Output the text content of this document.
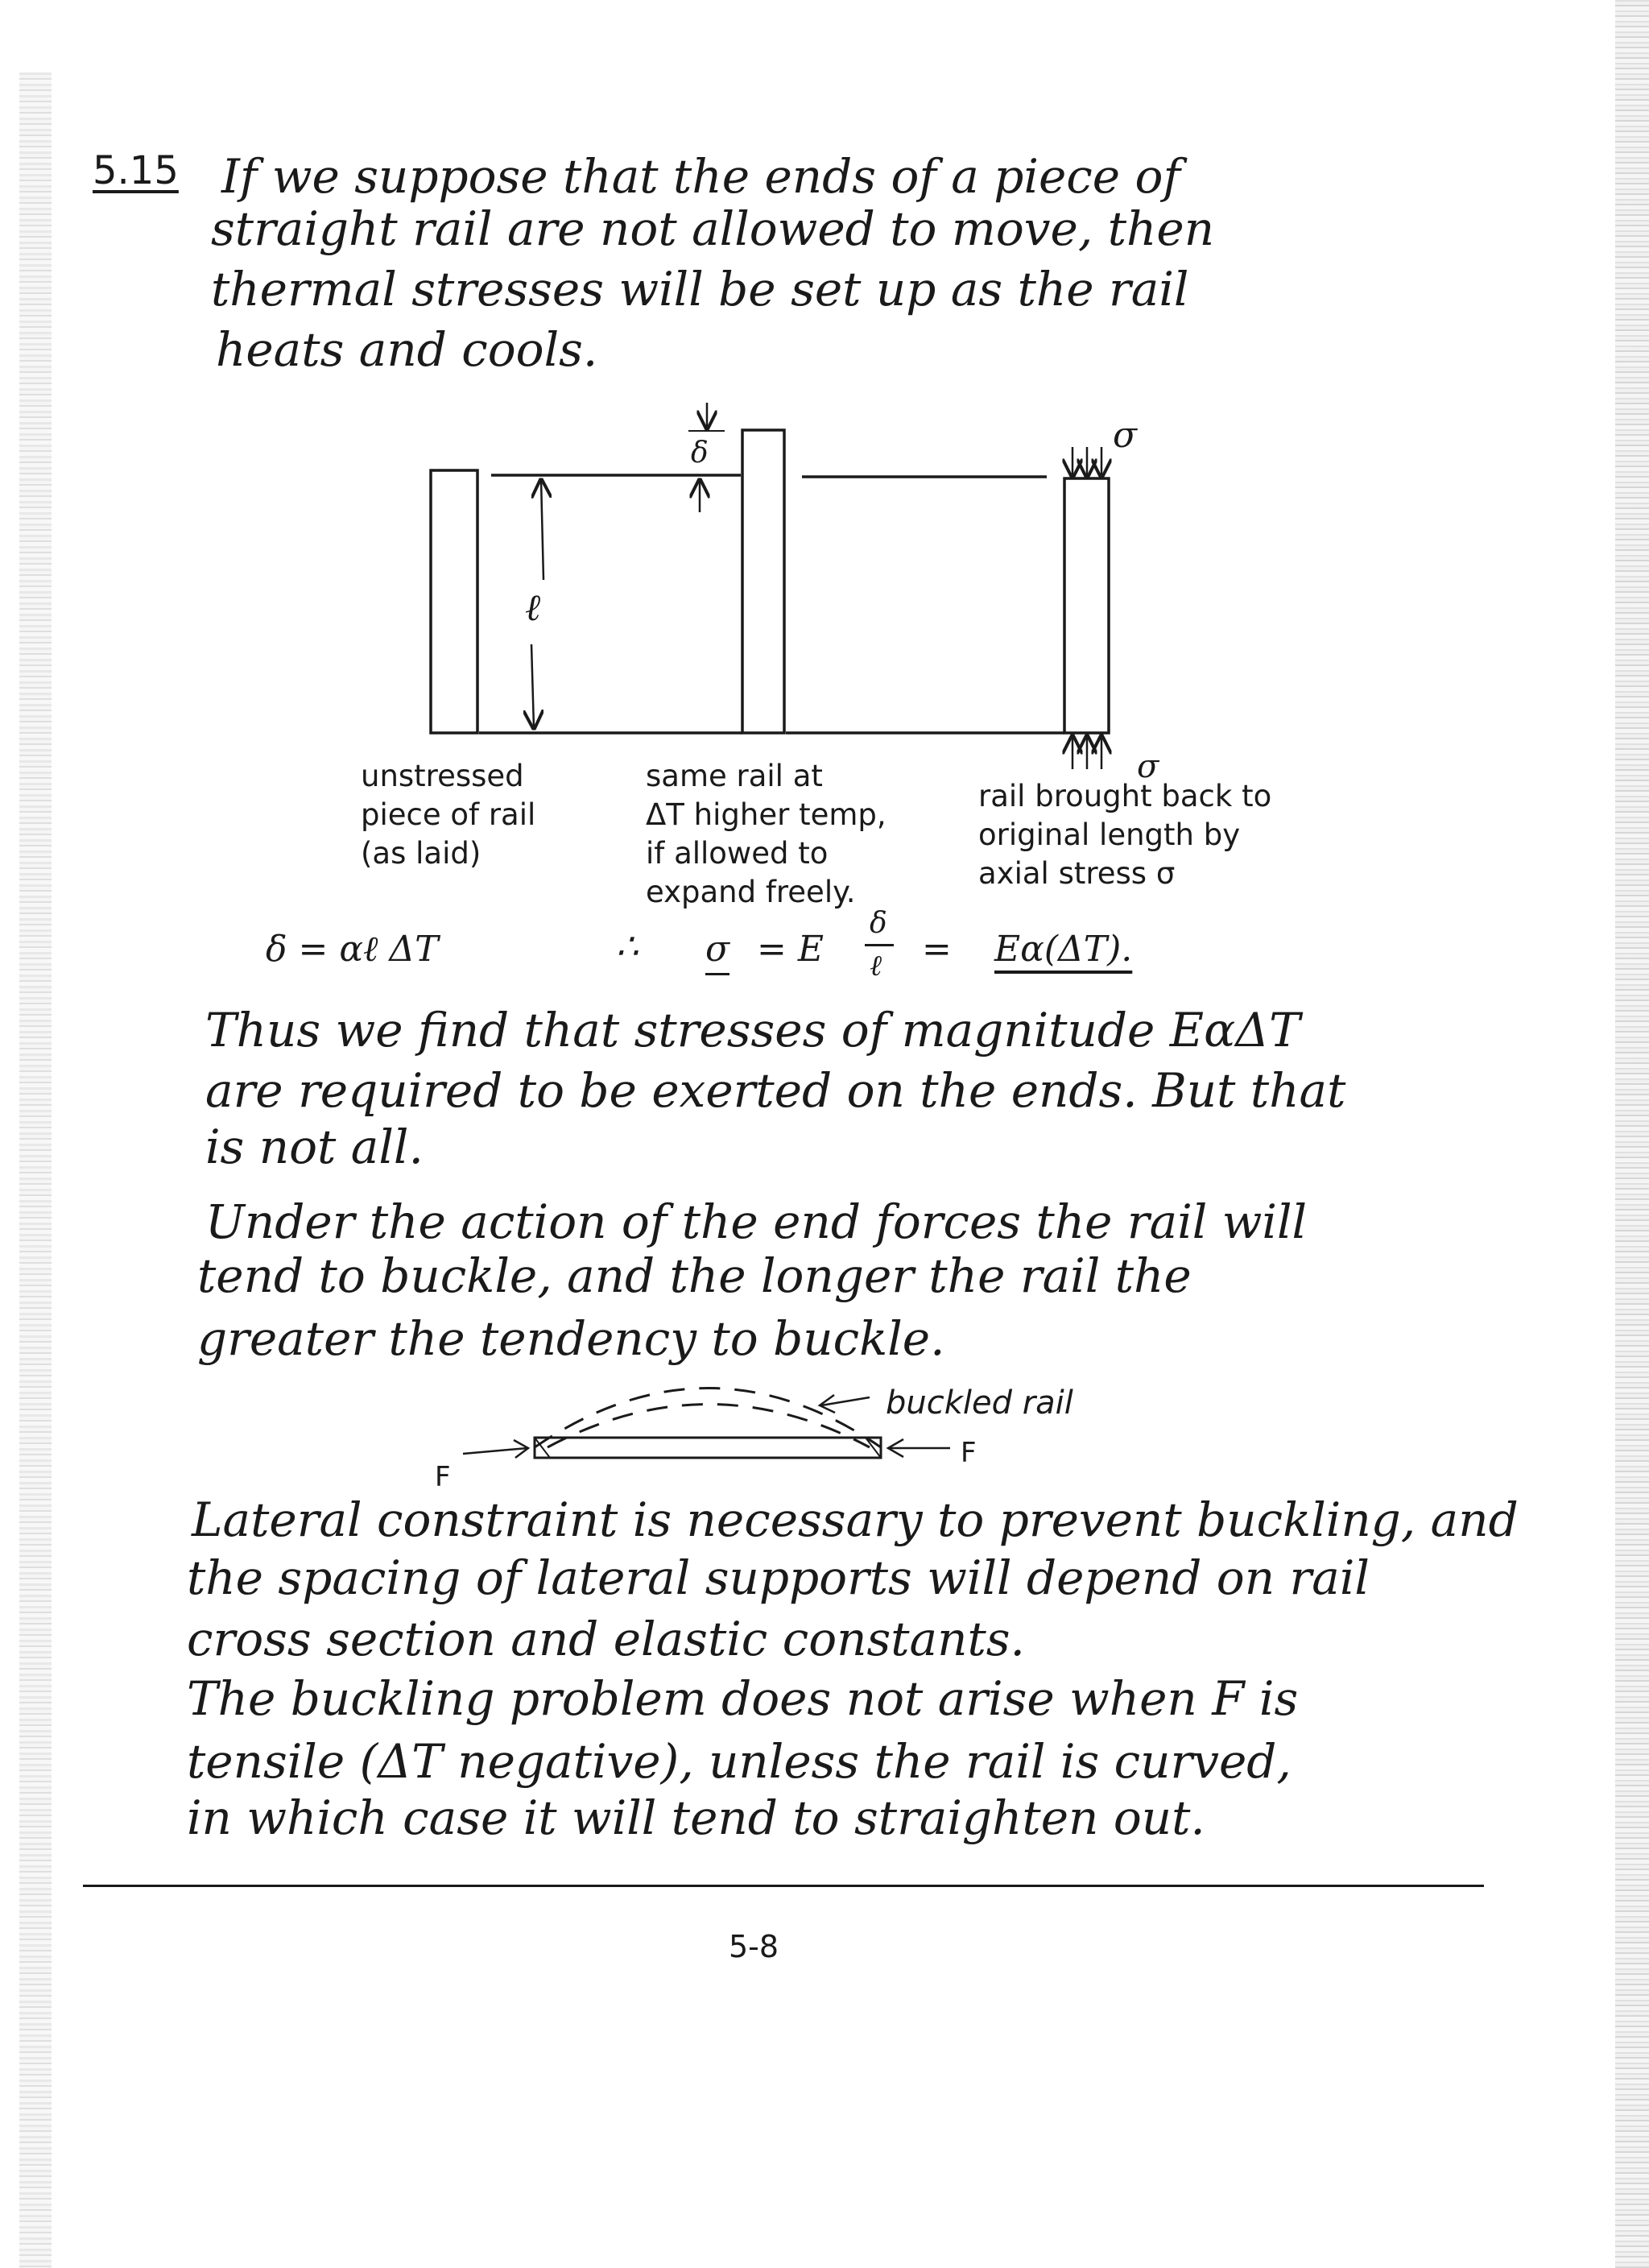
5.15 If we suppose that the ends of a piece of
straight rail are not allowed to move, then
thermal stresses will be set up as the rail
heats and cools.
δ
ℓ
σ
σ
unstressed
piece of rail
(as laid)
same rail at
ΔT higher temp,
if allowed to
expand freely.
rail brought back to
original length by
axial stress σ
δ = αℓ ΔT	∴ σ = E
δ
ℓ = Eα(ΔT).
Thus we find that stresses of magnitude EαΔT
are required to be exerted on the ends. But that
is not all.
Under the action of the end forces the rail will
tend to buckle, and the longer the rail the
greater the tendency to buckle.
buckled rail
F
F
Lateral constraint is necessary to prevent buckling, and
the spacing of lateral supports will depend on rail
cross section and elastic constants.
The buckling problem does not arise when F is
tensile (ΔT negative), unless the rail is curved,
in which case it will tend to straighten out.
5-8
